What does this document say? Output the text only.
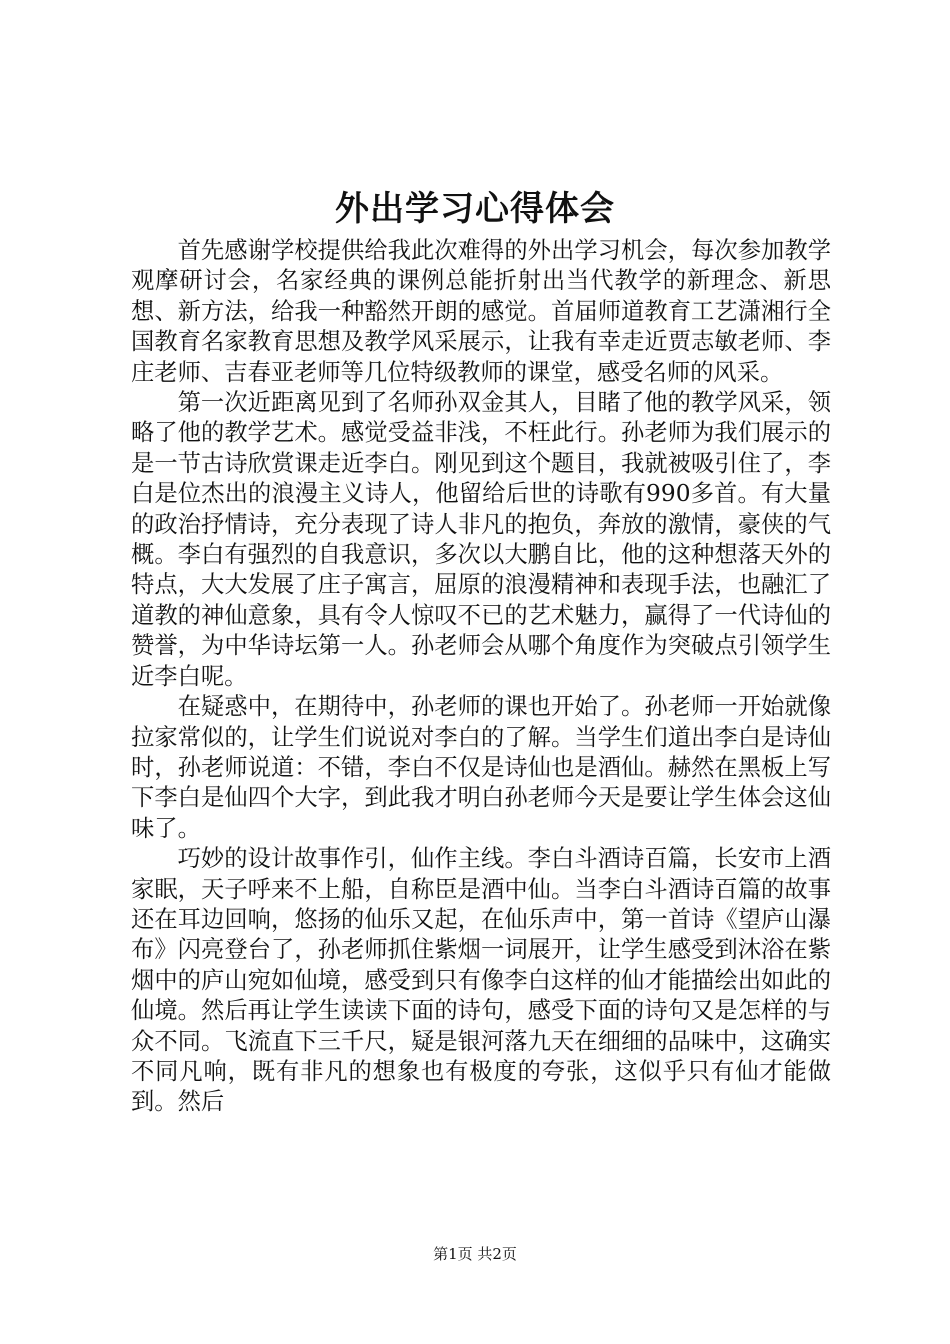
外出学习心得体会

首先感谢学校提供给我此次难得的外出学习机会，每次参加教学观摩研讨会，名家经典的课例总能折射出当代教学的新理念、新思想、新方法，给我一种豁然开朗的感觉。首届师道教育工艺潇湘行全国教育名家教育思想及教学风采展示，让我有幸走近贾志敏老师、李庄老师、吉春亚老师等几位特级教师的课堂，感受名师的风采。

第一次近距离见到了名师孙双金其人，目睹了他的教学风采，领略了他的教学艺术。感觉受益非浅，不枉此行。孙老师为我们展示的是一节古诗欣赏课走近李白。刚见到这个题目，我就被吸引住了，李白是位杰出的浪漫主义诗人，他留给后世的诗歌有990多首。有大量的政治抒情诗，充分表现了诗人非凡的抱负，奔放的激情，豪侠的气概。李白有强烈的自我意识，多次以大鹏自比，他的这种想落天外的特点，大大发展了庄子寓言，屈原的浪漫精神和表现手法，也融汇了道教的神仙意象，具有令人惊叹不已的艺术魅力，赢得了一代诗仙的赞誉，为中华诗坛第一人。孙老师会从哪个角度作为突破点引领学生近李白呢。

在疑惑中，在期待中，孙老师的课也开始了。孙老师一开始就像拉家常似的，让学生们说说对李白的了解。当学生们道出李白是诗仙时，孙老师说道：不错，李白不仅是诗仙也是酒仙。赫然在黑板上写下李白是仙四个大字，到此我才明白孙老师今天是要让学生体会这仙味了。

巧妙的设计故事作引，仙作主线。李白斗酒诗百篇，长安市上酒家眠，天子呼来不上船，自称臣是酒中仙。当李白斗酒诗百篇的故事还在耳边回响，悠扬的仙乐又起，在仙乐声中，第一首诗《望庐山瀑布》闪亮登台了，孙老师抓住紫烟一词展开，让学生感受到沐浴在紫烟中的庐山宛如仙境，感受到只有像李白这样的仙才能描绘出如此的仙境。然后再让学生读读下面的诗句，感受下面的诗句又是怎样的与众不同。飞流直下三千尺，疑是银河落九天在细细的品味中，这确实不同凡响，既有非凡的想象也有极度的夸张，这似乎只有仙才能做到。然后

第1页 共2页
